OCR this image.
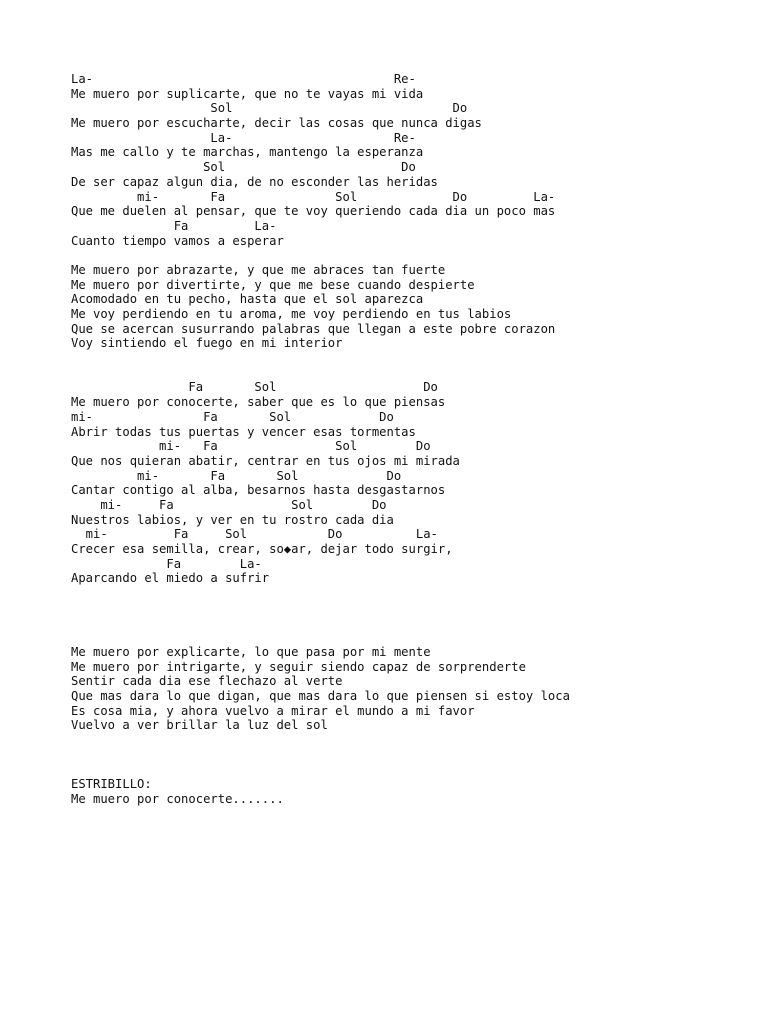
La-                                         Re-
Me muero por suplicarte, que no te vayas mi vida
Sol                              Do
Me muero por escucharte, decir las cosas que nunca digas
La-                      Re-
Mas me callo y te marchas, mantengo la esperanza
Sol                        Do
De ser capaz algun dia, de no esconder las heridas
mi-       Fa               Sol             Do         La-
Que me duelen al pensar, que te voy queriendo cada dia un poco mas
Fa         La-
Cuanto tiempo vamos a esperar
Me muero por abrazarte, y que me abraces tan fuerte
Me muero por divertirte, y que me bese cuando despierte
Acomodado en tu pecho, hasta que el sol aparezca
Me voy perdiendo en tu aroma, me voy perdiendo en tus labios
Que se acercan susurrando palabras que llegan a este pobre corazon
Voy sintiendo el fuego en mi interior
Fa       Sol                    Do
Me muero por conocerte, saber que es lo que piensas
mi-               Fa       Sol            Do
Abrir todas tus puertas y vencer esas tormentas
mi-   Fa                Sol        Do
Que nos quieran abatir, centrar en tus ojos mi mirada
mi-       Fa       Sol            Do
Cantar contigo al alba, besarnos hasta desgastarnos
mi-     Fa                Sol        Do
Nuestros labios, y ver en tu rostro cada dia
mi-         Fa     Sol           Do          La-
Crecer esa semilla, crear, so◆ar, dejar todo surgir,
Fa        La-
Aparcando el miedo a sufrir
Me muero por explicarte, lo que pasa por mi mente
Me muero por intrigarte, y seguir siendo capaz de sorprenderte
Sentir cada dia ese flechazo al verte
Que mas dara lo que digan, que mas dara lo que piensen si estoy loca
Es cosa mia, y ahora vuelvo a mirar el mundo a mi favor
Vuelvo a ver brillar la luz del sol
ESTRIBILLO:
Me muero por conocerte.......
